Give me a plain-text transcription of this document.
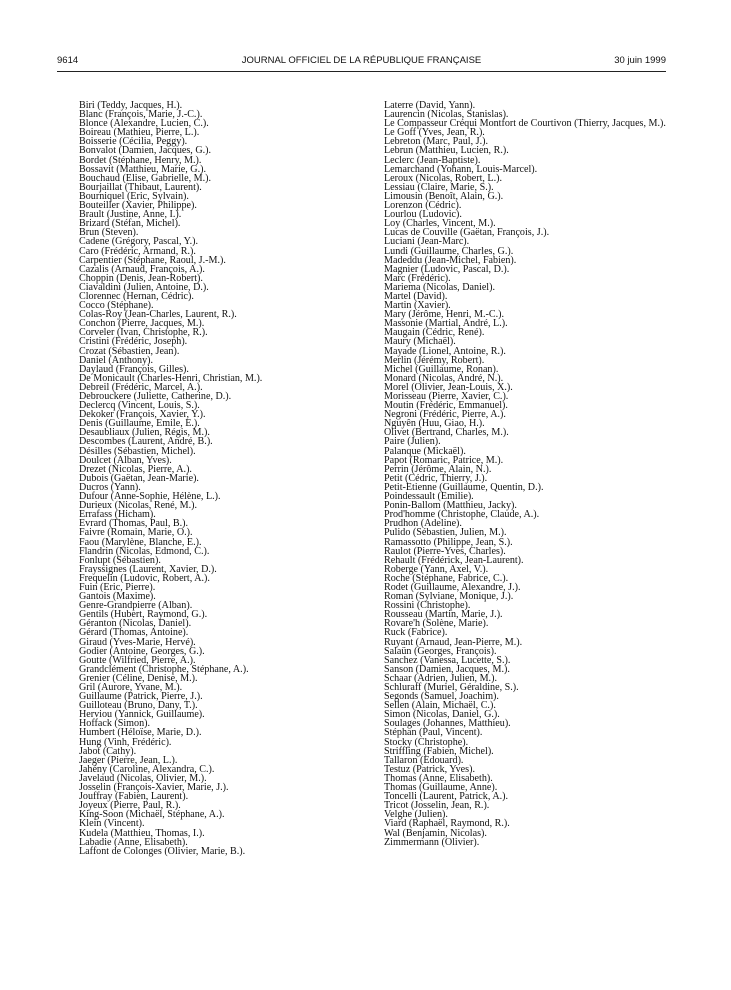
9614	JOURNAL OFFICIEL DE LA RÉPUBLIQUE FRANÇAISE	30 juin 1999
Biri (Teddy, Jacques, H.).
Blanc (François, Marie, J.-C.).
Blonce (Alexandre, Lucien, C.).
Boireau (Mathieu, Pierre, L.).
Boisserie (Cécilia, Peggy).
Bonvalot (Damien, Jacques, G.).
Bordet (Stéphane, Henry, M.).
Bossavit (Matthieu, Marie, G.).
Bouchaud (Elise, Gabrielle, M.).
Bourjaillat (Thibaut, Laurent).
Bourniquel (Eric, Sylvain).
Bouteiller (Xavier, Philippe).
Brault (Justine, Anne, I.).
Brizard (Stéfan, Michel).
Brun (Steven).
Cadene (Grégory, Pascal, Y.).
Caro (Frédéric, Armand, R.).
Carpentier (Stéphane, Raoul, J.-M.).
Cazalis (Arnaud, François, A.).
Choppin (Denis, Jean-Robert).
Ciavaldini (Julien, Antoine, D.).
Clorennec (Hernan, Cédric).
Cocco (Stéphane).
Colas-Roy (Jean-Charles, Laurent, R.).
Conchon (Pierre, Jacques, M.).
Corveler (Ivan, Christophe, R.).
Cristini (Frédéric, Joseph).
Crozat (Sébastien, Jean).
Daniel (Anthony).
Daylaud (François, Gilles).
De Monicault (Charles-Henri, Christian, M.).
Debreil (Frédéric, Marcel, A.).
Debrouckere (Juliette, Catherine, D.).
Declercq (Vincent, Louis, S.).
Dekoker (François, Xavier, Y.).
Denis (Guillaume, Emile, E.).
Desaubliaux (Julien, Régis, M.).
Descombes (Laurent, André, B.).
Désilles (Sébastien, Michel).
Doulcet (Alban, Yves).
Drezet (Nicolas, Pierre, A.).
Dubois (Gaëtan, Jean-Marie).
Ducros (Yann).
Dufour (Anne-Sophie, Hélène, L.).
Durieux (Nicolas, René, M.).
Errafass (Hicham).
Evrard (Thomas, Paul, B.).
Faivre (Romain, Marie, O.).
Faou (Marylène, Blanche, E.).
Flandrin (Nicolas, Edmond, C.).
Fonlupt (Sébastien).
Frayssignes (Laurent, Xavier, D.).
Frequelin (Ludovic, Robert, A.).
Fuin (Eric, Pierre).
Gantois (Maxime).
Genre-Grandpierre (Alban).
Gentils (Hubert, Raymond, G.).
Géranton (Nicolas, Daniel).
Gérard (Thomas, Antoine).
Giraud (Yves-Marie, Hervé).
Godier (Antoine, Georges, G.).
Goutte (Wilfried, Pierre, A.).
Grandclément (Christophe, Stéphane, A.).
Grenier (Céline, Denise, M.).
Gril (Aurore, Yvane, M.).
Guillaume (Patrick, Pierre, J.).
Guilloteau (Bruno, Dany, T.).
Herviou (Yannick, Guillaume).
Hoffack (Simon).
Humbert (Héloïse, Marie, D.).
Hung (Vinh, Frédéric).
Jabot (Cathy).
Jaeger (Pierre, Jean, L.).
Jahény (Caroline, Alexandra, C.).
Javelaud (Nicolas, Olivier, M.).
Josselin (François-Xavier, Marie, J.).
Jouffray (Fabien, Laurent).
Joyeux (Pierre, Paul, R.).
King-Soon (Michaël, Stéphane, A.).
Klein (Vincent).
Kudela (Matthieu, Thomas, I.).
Labadie (Anne, Elisabeth).
Laffont de Colonges (Olivier, Marie, B.).
Laterre (David, Yann).
Laurencin (Nicolas, Stanislas).
Le Compasseur Créqui Montfort de Courtivon (Thierry, Jacques, M.).
Le Goff (Yves, Jean, R.).
Lebreton (Marc, Paul, J.).
Lebrun (Matthieu, Lucien, R.).
Leclerc (Jean-Baptiste).
Lemarchand (Yohann, Louis-Marcel).
Leroux (Nicolas, Robert, L.).
Lessiau (Claire, Marie, S.).
Limousin (Benoît, Alain, G.).
Lorenzon (Cédric).
Lourlou (Ludovic).
Loy (Charles, Vincent, M.).
Lucas de Couville (Gaëtan, François, J.).
Luciani (Jean-Marc).
Lundi (Guillaume, Charles, G.).
Madeddu (Jean-Michel, Fabien).
Magnier (Ludovic, Pascal, D.).
Marc (Frédéric).
Mariema (Nicolas, Daniel).
Martel (David).
Martin (Xavier).
Mary (Jérôme, Henri, M.-C.).
Massonie (Martial, André, L.).
Maugain (Cédric, René).
Maury (Michaël).
Mayade (Lionel, Antoine, R.).
Merlin (Jérémy, Robert).
Michel (Guillaume, Ronan).
Monard (Nicolas, André, N.).
Morel (Olivier, Jean-Louis, X.).
Morisseau (Pierre, Xavier, C.).
Moutin (Frédéric, Emmanuel).
Negroni (Frédéric, Pierre, A.).
Nguyên (Huu, Giao, H.).
Olivet (Bertrand, Charles, M.).
Paire (Julien).
Palanque (Mickaël).
Papot (Romaric, Patrice, M.).
Perrin (Jérôme, Alain, N.).
Petit (Cédric, Thierry, J.).
Petit-Etienne (Guillaume, Quentin, D.).
Poindessault (Emilie).
Ponin-Ballom (Matthieu, Jacky).
Prod'homme (Christophe, Claude, A.).
Prudhon (Adeline).
Pulido (Sébastien, Julien, M.).
Ramassotto (Philippe, Jean, S.).
Raulot (Pierre-Yves, Charles).
Rehault (Frédérick, Jean-Laurent).
Roberge (Yann, Axel, V.).
Roche (Stéphane, Fabrice, C.).
Rodet (Guillaume, Alexandre, J.).
Roman (Sylviane, Monique, J.).
Rossini (Christophe).
Rousseau (Martin, Marie, J.).
Rovare'h (Solène, Marie).
Ruck (Fabrice).
Ruyant (Arnaud, Jean-Pierre, M.).
Salaün (Georges, François).
Sanchez (Vanessa, Lucette, S.).
Sanson (Damien, Jacques, M.).
Schaar (Adrien, Julien, M.).
Schluraff (Muriel, Géraldine, S.).
Segonds (Samuel, Joachim).
Sellen (Alain, Michaël, C.).
Simon (Nicolas, Daniel, G.).
Soulages (Johannes, Matthieu).
Stéphan (Paul, Vincent).
Stocky (Christophe).
Striffling (Fabien, Michel).
Tallaron (Edouard).
Testuz (Patrick, Yves).
Thomas (Anne, Elisabeth).
Thomas (Guillaume, Anne).
Toncelli (Laurent, Patrick, A.).
Tricot (Josselin, Jean, R.).
Velghe (Julien).
Viard (Raphaël, Raymond, R.).
Wal (Benjamin, Nicolas).
Zimmermann (Olivier).
